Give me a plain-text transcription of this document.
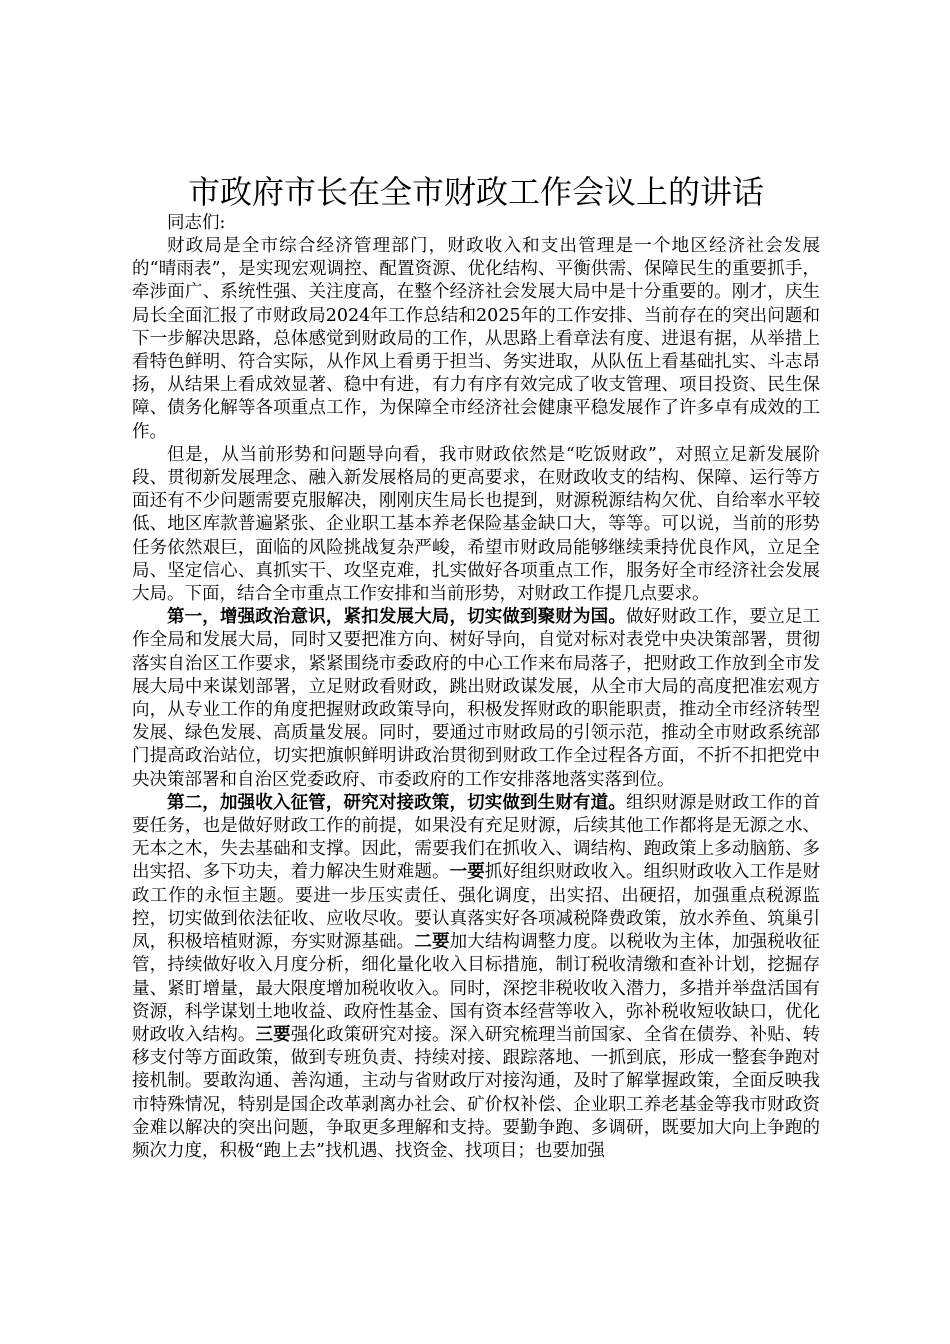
市政府市长在全市财政工作会议上的讲话

同志们:

财政局是全市综合经济管理部门，财政收入和支出管理是一个地区经济社会发展的“晴雨表”，是实现宏观调控、配置资源、优化结构、平衡供需、保障民生的重要抓手，牵涉面广、系统性强、关注度高，在整个经济社会发展大局中是十分重要的。刚才，庆生局长全面汇报了市财政局2024年工作总结和2025年的工作安排、当前存在的突出问题和下一步解决思路，总体感觉到财政局的工作，从思路上看章法有度、进退有据，从举措上看特色鲜明、符合实际，从作风上看勇于担当、务实进取，从队伍上看基础扎实、斗志昂扬，从结果上看成效显著、稳中有进，有力有序有效完成了收支管理、项目投资、民生保障、债务化解等各项重点工作，为保障全市经济社会健康平稳发展作了许多卓有成效的工作。

但是，从当前形势和问题导向看，我市财政依然是“吃饭财政”，对照立足新发展阶段、贯彻新发展理念、融入新发展格局的更高要求，在财政收支的结构、保障、运行等方面还有不少问题需要克服解决，刚刚庆生局长也提到，财源税源结构欠优、自给率水平较低、地区库款普遍紧张、企业职工基本养老保险基金缺口大，等等。可以说，当前的形势任务依然艰巨，面临的风险挑战复杂严峻，希望市财政局能够继续秉持优良作风，立足全局、坚定信心、真抓实干、攻坚克难，扎实做好各项重点工作，服务好全市经济社会发展大局。下面，结合全市重点工作安排和当前形势，对财政工作提几点要求。

第一，增强政治意识，紧扣发展大局，切实做到聚财为国。做好财政工作，要立足工作全局和发展大局，同时又要把准方向、树好导向，自觉对标对表党中央决策部署，贯彻落实自治区工作要求，紧紧围绕市委政府的中心工作来布局落子，把财政工作放到全市发展大局中来谋划部署，立足财政看财政，跳出财政谋发展，从全市大局的高度把准宏观方向，从专业工作的角度把握财政政策导向，积极发挥财政的职能职责，推动全市经济转型发展、绿色发展、高质量发展。同时，要通过市财政局的引领示范，推动全市财政系统部门提高政治站位，切实把旗帜鲜明讲政治贯彻到财政工作全过程各方面，不折不扣把党中央决策部署和自治区党委政府、市委政府的工作安排落地落实落到位。

第二，加强收入征管，研究对接政策，切实做到生财有道。组织财源是财政工作的首要任务，也是做好财政工作的前提，如果没有充足财源，后续其他工作都将是无源之水、无本之木，失去基础和支撑。因此，需要我们在抓收入、调结构、跑政策上多动脑筋、多出实招、多下功夫，着力解决生财难题。一要抓好组织财政收入。组织财政收入工作是财政工作的永恒主题。要进一步压实责任、强化调度，出实招、出硬招，加强重点税源监控，切实做到依法征收、应收尽收。要认真落实好各项减税降费政策，放水养鱼、筑巢引凤，积极培植财源，夯实财源基础。二要加大结构调整力度。以税收为主体，加强税收征管，持续做好收入月度分析，细化量化收入目标措施，制订税收清缴和查补计划，挖掘存量、紧盯增量，最大限度增加税收收入。同时，深挖非税收收入潜力，多措并举盘活国有资源，科学谋划土地收益、政府性基金、国有资本经营等收入，弥补税收短收缺口，优化财政收入结构。三要强化政策研究对接。深入研究梳理当前国家、全省在债券、补贴、转移支付等方面政策，做到专班负责、持续对接、跟踪落地、一抓到底，形成一整套争跑对接机制。要敢沟通、善沟通，主动与省财政厅对接沟通，及时了解掌握政策，全面反映我市特殊情况，特别是国企改革剥离办社会、矿价权补偿、企业职工养老基金等我市财政资金难以解决的突出问题，争取更多理解和支持。要勤争跑、多调研，既要加大向上争跑的频次力度，积极“跑上去”找机遇、找资金、找项目；也要加强
